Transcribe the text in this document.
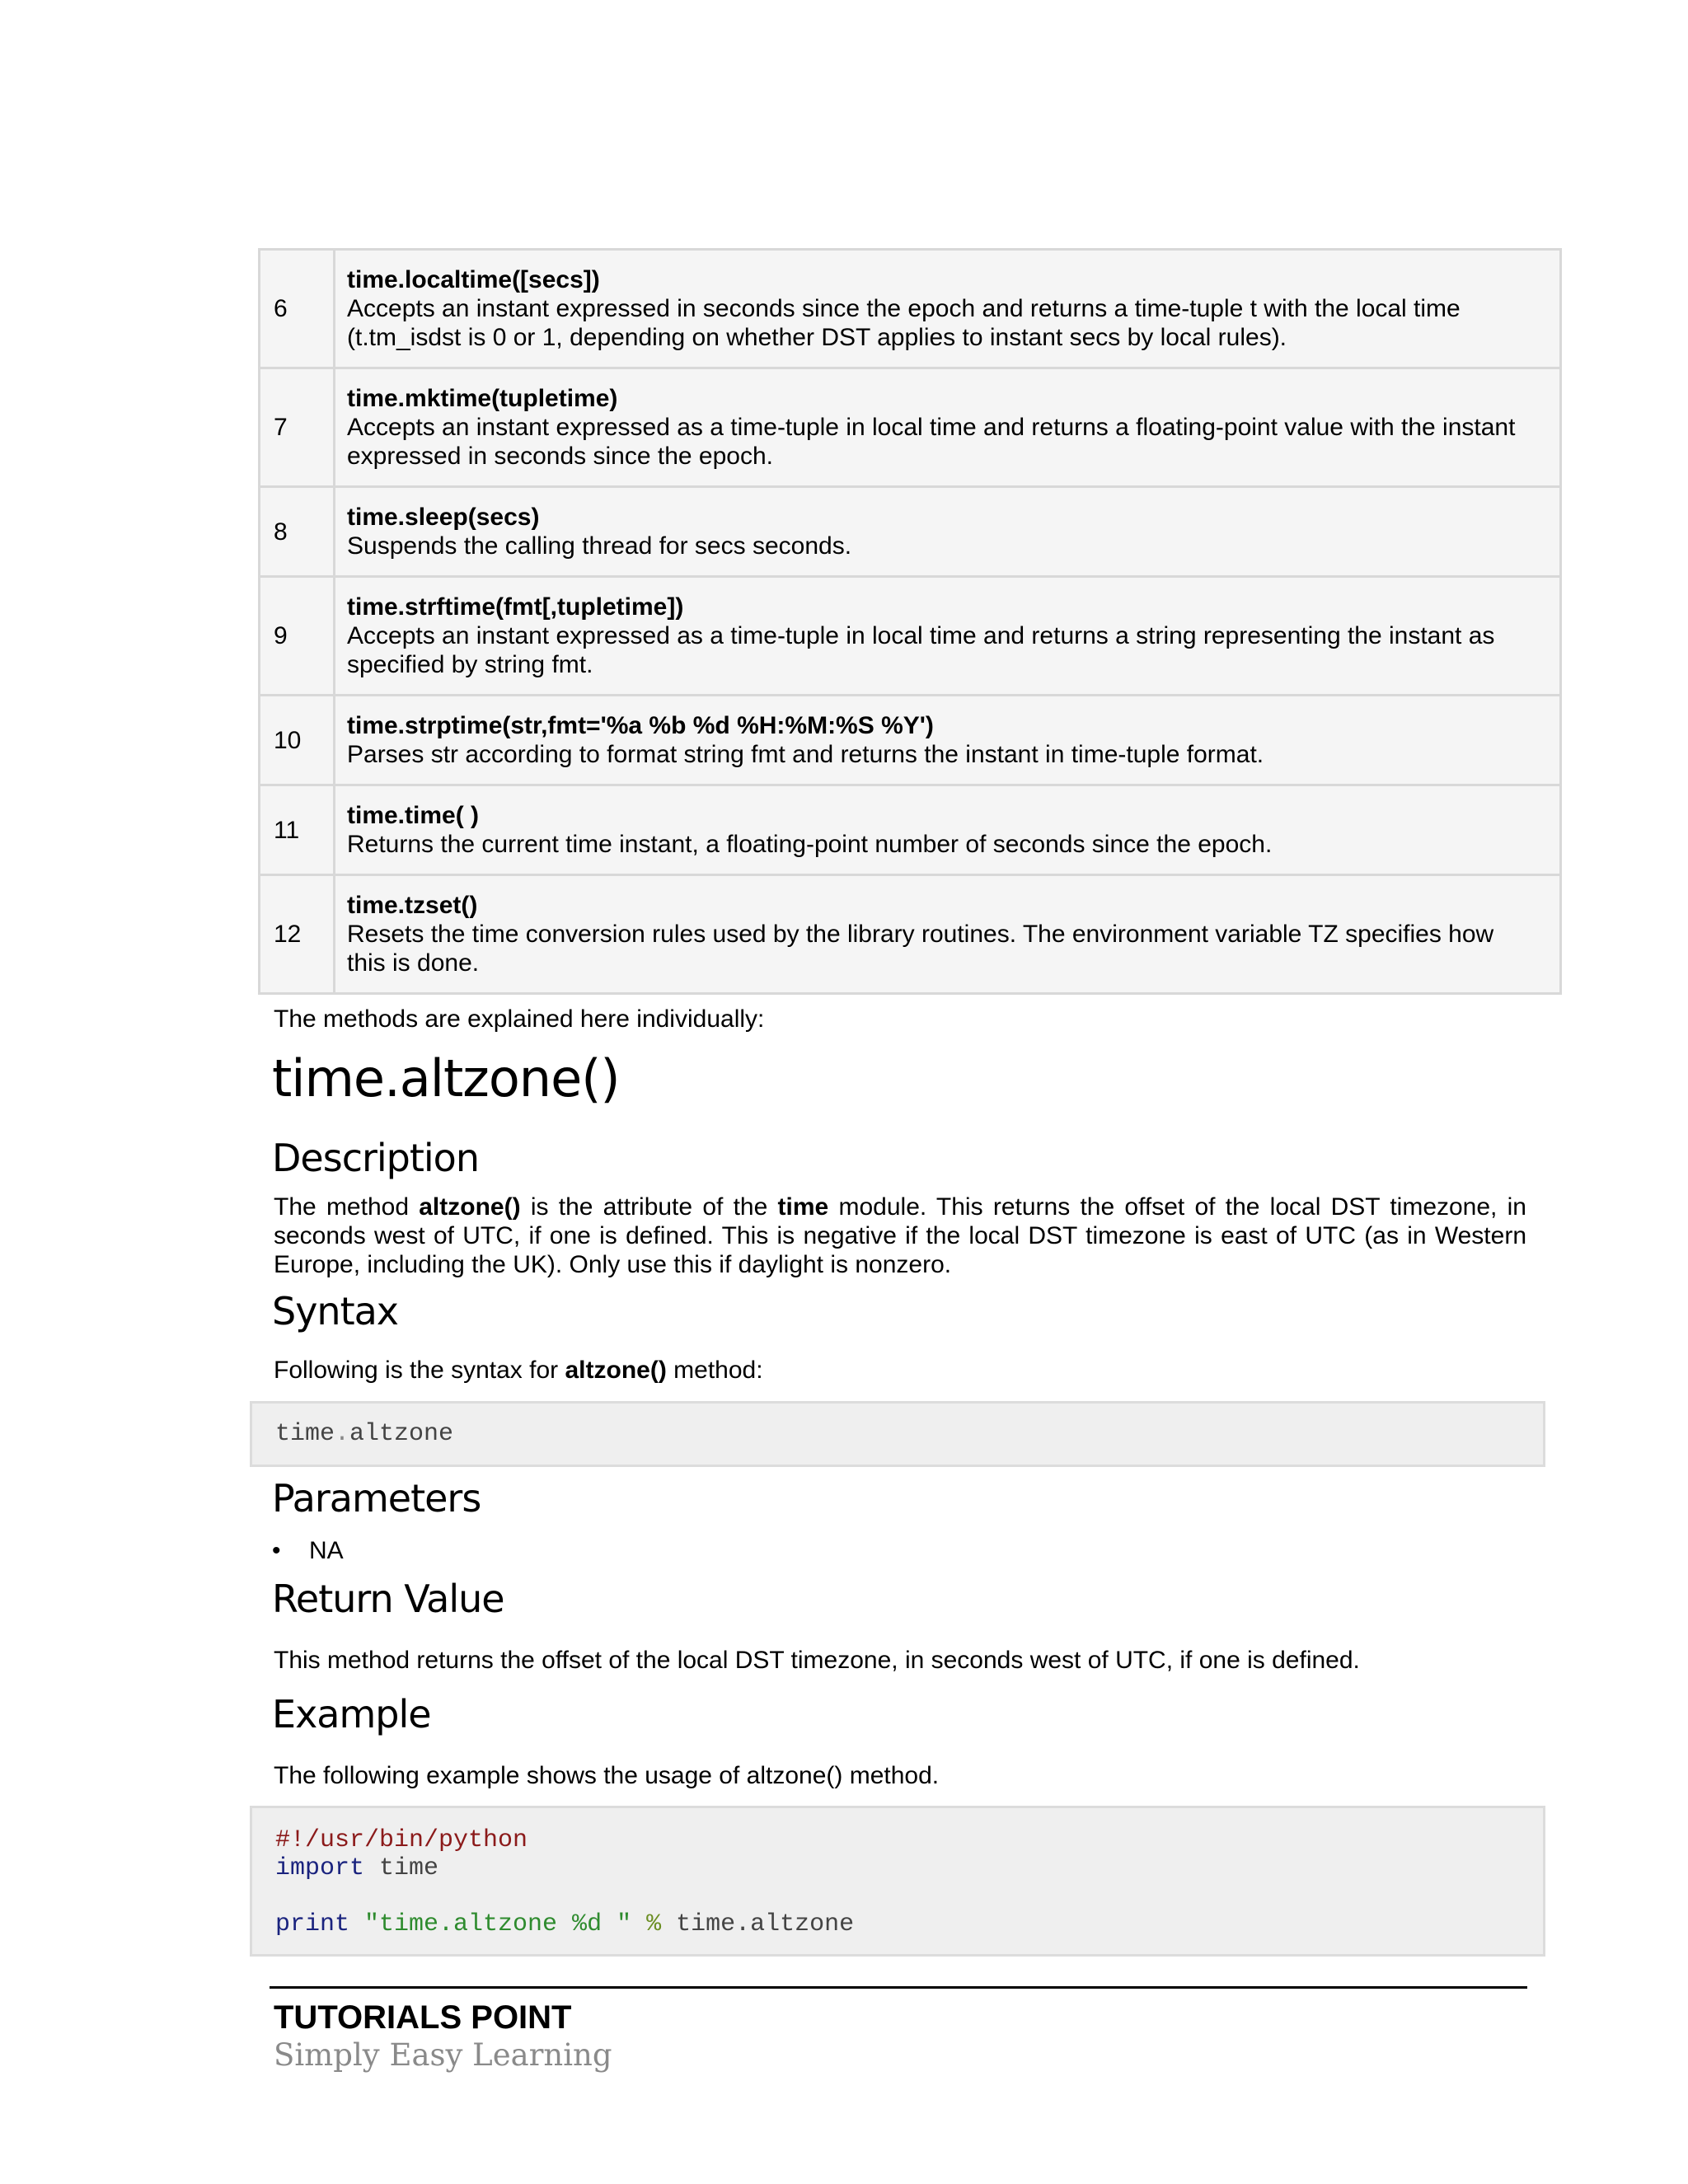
6	time.localtime([secs])
Accepts an instant expressed in seconds since the epoch and returns a time-tuple t with the local time (t.tm_isdst is 0 or 1, depending on whether DST applies to instant secs by local rules).

7	time.mktime(tupletime)
Accepts an instant expressed as a time-tuple in local time and returns a floating-point value with the instant expressed in seconds since the epoch.

8	time.sleep(secs)
Suspends the calling thread for secs seconds.

9	time.strftime(fmt[,tupletime])
Accepts an instant expressed as a time-tuple in local time and returns a string representing the instant as specified by string fmt.

10	time.strptime(str,fmt='%a %b %d %H:%M:%S %Y')
Parses str according to format string fmt and returns the instant in time-tuple format.

11	time.time( )
Returns the current time instant, a floating-point number of seconds since the epoch.

12	time.tzset()
Resets the time conversion rules used by the library routines. The environment variable TZ specifies how this is done.

The methods are explained here individually:

time.altzone()
Description

The method altzone() is the attribute of the time module. This returns the offset of the local DST timezone, in seconds west of UTC, if one is defined. This is negative if the local DST timezone is east of UTC (as in Western Europe, including the UK). Only use this if daylight is nonzero.

Syntax

Following is the syntax for altzone() method:

time.altzone
Parameters
• NA
Return Value

This method returns the offset of the local DST timezone, in seconds west of UTC, if one is defined.

Example

The following example shows the usage of altzone() method.

#!/usr/bin/python
import time

print "time.altzone %d " % time.altzone

TUTORIALS POINT

Simply Easy Learning
